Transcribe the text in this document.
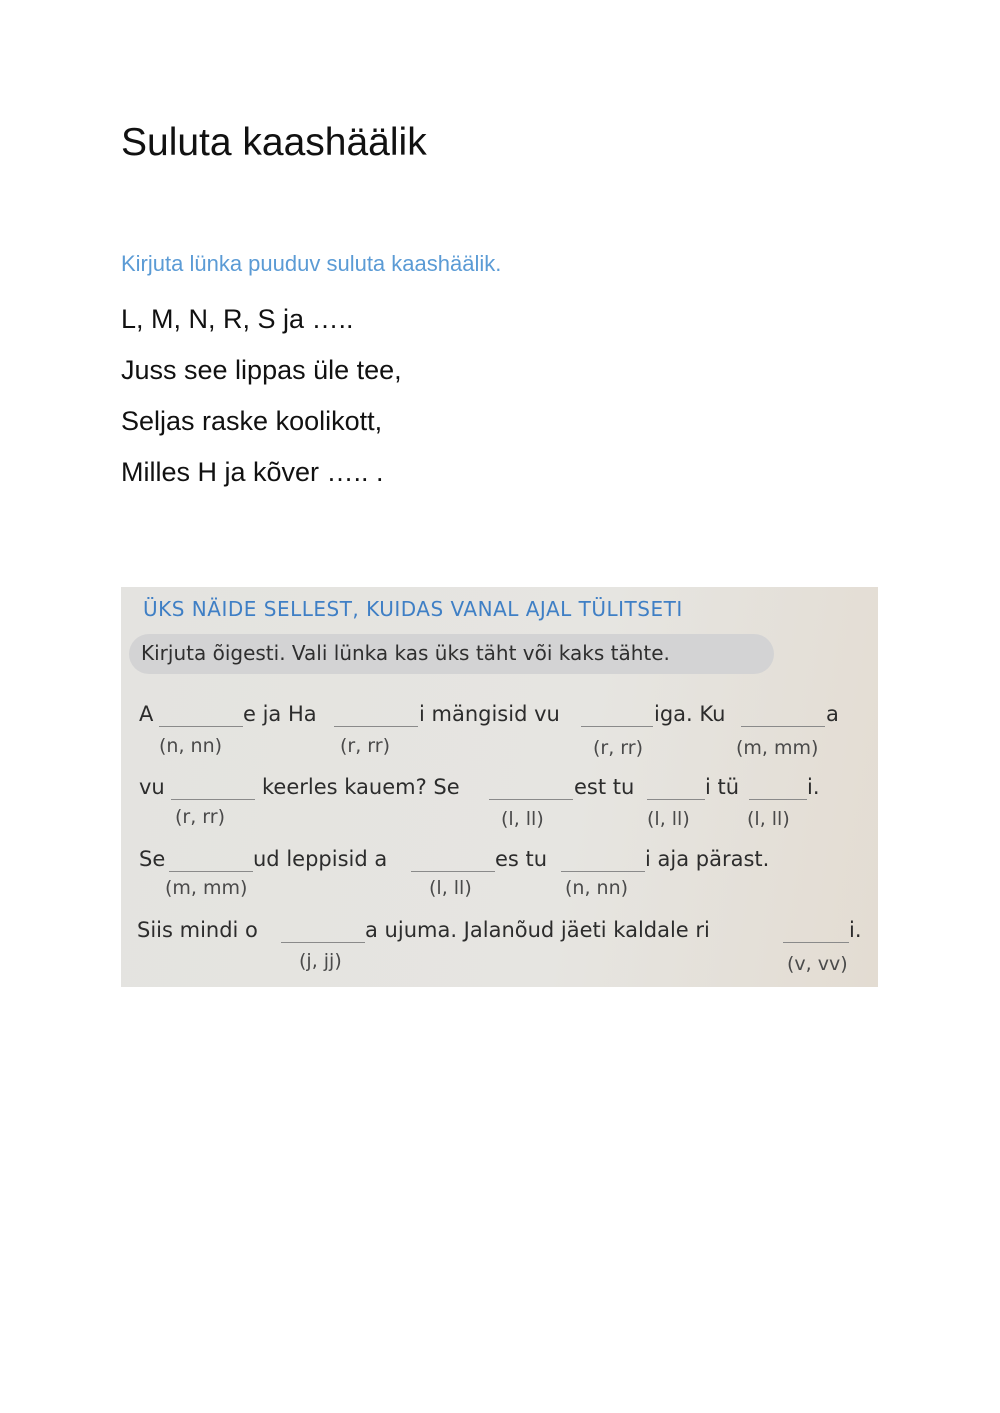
Suluta kaashäälik
Kirjuta lünka puuduv suluta kaashäälik.
L, M, N, R, S ja …..
Juss see lippas üle tee,
Seljas raske koolikott,
Milles H ja kõver ….. .
ÜKS NÄIDE SELLEST, KUIDAS VANAL AJAL TÜLITSETI
Kirjuta õigesti. Vali lünka kas üks täht või kaks tähte.
A	e ja Ha	i mängisid vu	iga. Ku	a
(n, nn)	(r, rr)	(r, rr)	(m, mm)
vu	keerles kauem? Se	est tu	i tü	i.
(r, rr)	(l, ll)	(l, ll)	(l, ll)
Se	ud leppisid a	es tu	i aja pärast.
(m, mm)	(l, ll)	(n, nn)
Siis mindi o	a ujuma. Jalanõud jäeti kaldale ri	i.
(j, jj)	(v, vv)
